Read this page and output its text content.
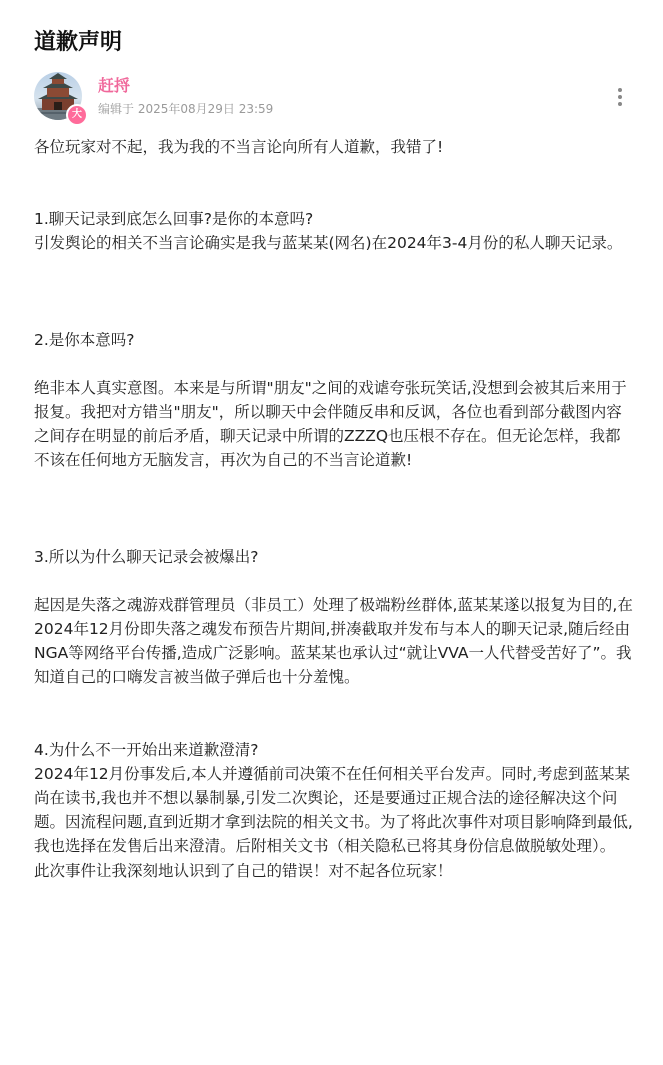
道歉声明
大
赶捋
编辑于 2025年08月29日 23:59

各位玩家对不起，我为我的不当言论向所有人道歉，我错了!

1.聊天记录到底怎么回事?是你的本意吗?

引发舆论的相关不当言论确实是我与蓝某某(网名)在2024年3-4月份的私人聊天记录。

2.是你本意吗?

绝非本人真实意图。本来是与所谓"朋友"之间的戏谑夸张玩笑话,没想到会被其后来用于报复。我把对方错当"朋友"，所以聊天中会伴随反串和反讽，各位也看到部分截图内容之间存在明显的前后矛盾，聊天记录中所谓的ZZZQ也压根不存在。但无论怎样，我都不该在任何地方无脑发言，再次为自己的不当言论道歉!

3.所以为什么聊天记录会被爆出?

起因是失落之魂游戏群管理员（非员工）处理了极端粉丝群体,蓝某某遂以报复为目的,在2024年12月份即失落之魂发布预告片期间,拼凑截取并发布与本人的聊天记录,随后经由NGA等网络平台传播,造成广泛影响。蓝某某也承认过“就让VVA一人代替受苦好了”。我知道自己的口嗨发言被当做子弹后也十分羞愧。

4.为什么不一开始出来道歉澄清?

2024年12月份事发后,本人并遵循前司决策不在任何相关平台发声。同时,考虑到蓝某某尚在读书,我也并不想以暴制暴,引发二次舆论，还是要通过正规合法的途径解决这个问题。因流程问题,直到近期才拿到法院的相关文书。为了将此次事件对项目影响降到最低,我也选择在发售后出来澄清。后附相关文书（相关隐私已将其身份信息做脱敏处理）。

此次事件让我深刻地认识到了自己的错误！对不起各位玩家！
